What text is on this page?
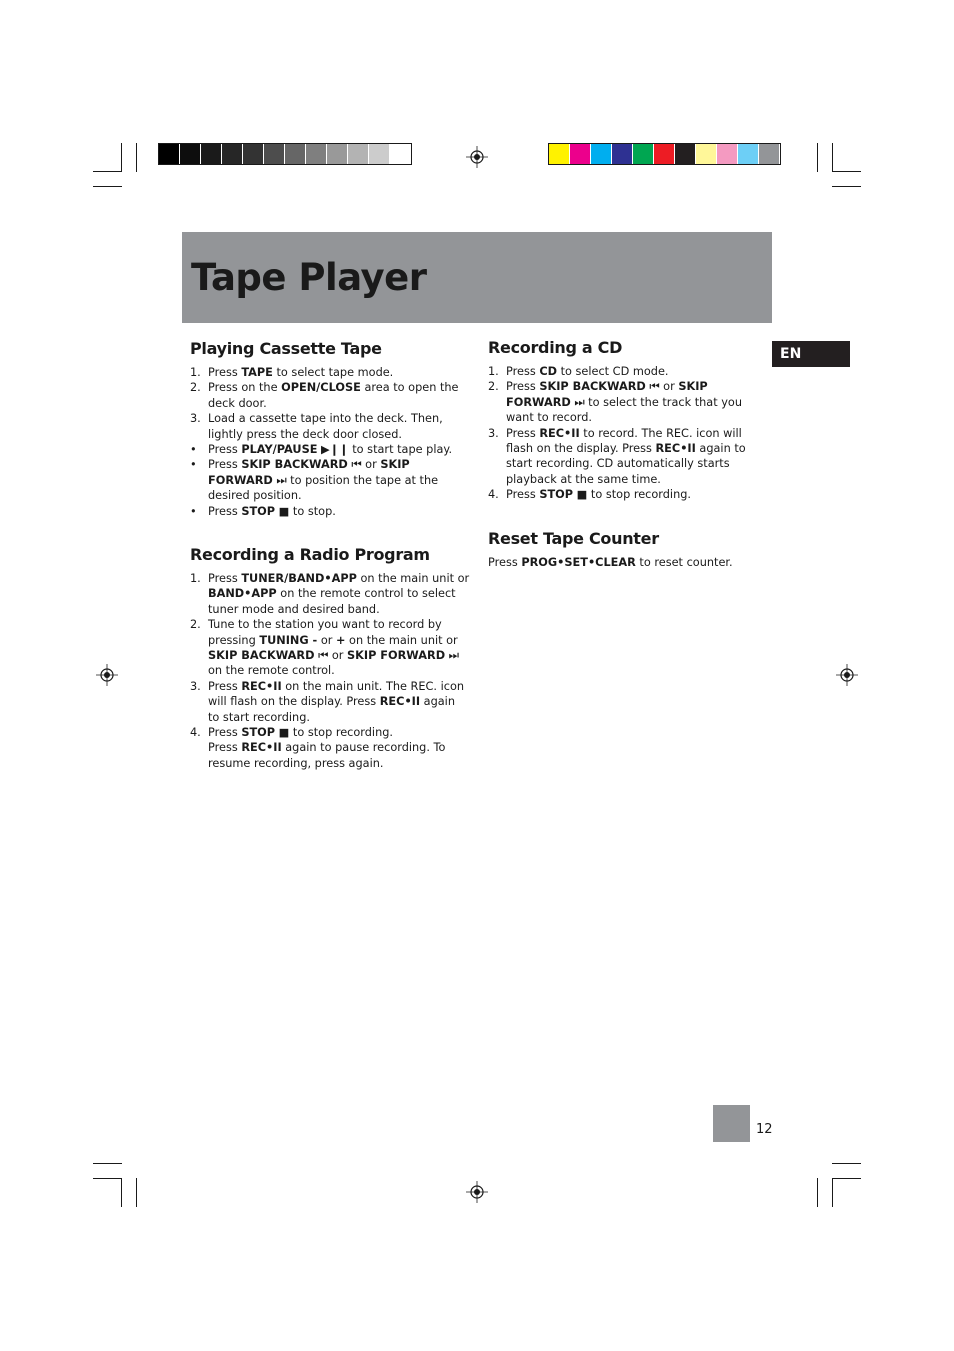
Tape Player
EN
Playing Cassette Tape
1. Press TAPE to select tape mode.
2. Press on the OPEN/CLOSE area to open the
deck door.
3. Load a cassette tape into the deck. Then,
lightly press the deck door closed.
• Press PLAY/PAUSE ▶❙❙ to start tape play.
• Press SKIP BACKWARD ⏮ or SKIP
FORWARD ⏭ to position the tape at the
desired position.
• Press STOP ■ to stop.
Recording a Radio Program
1. Press TUNER/BAND•APP on the main unit or
BAND•APP on the remote control to select
tuner mode and desired band.
2. Tune to the station you want to record by
pressing TUNING - or + on the main unit or
SKIP BACKWARD ⏮ or SKIP FORWARD ⏭
on the remote control.
3. Press REC•II on the main unit. The REC. icon
will flash on the display. Press REC•II again
to start recording.
4. Press STOP ■ to stop recording.
Press REC•II again to pause recording. To
resume recording, press again.
Recording a CD
1. Press CD to select CD mode.
2. Press SKIP BACKWARD ⏮ or SKIP
FORWARD ⏭ to select the track that you
want to record.
3. Press REC•II to record. The REC. icon will
flash on the display. Press REC•II again to
start recording. CD automatically starts
playback at the same time.
4. Press STOP ■ to stop recording.
Reset Tape Counter
Press PROG•SET•CLEAR to reset counter.
12
